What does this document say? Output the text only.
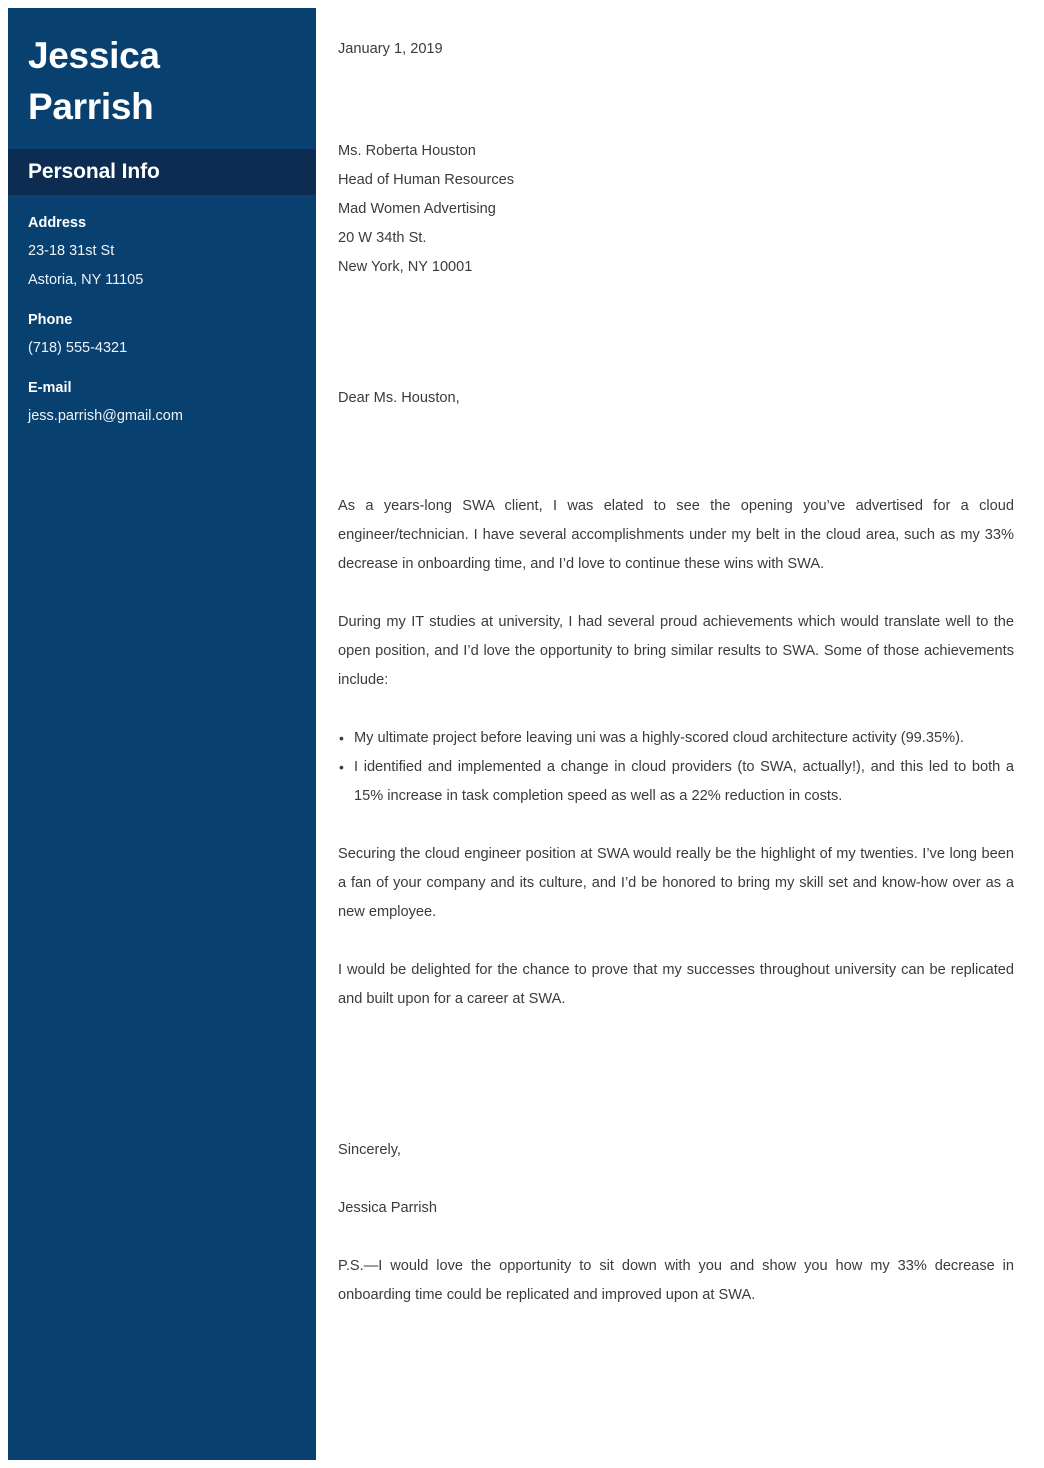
Jessica
Parrish
Personal Info
Address
23-18 31st St
Astoria, NY 11105
Phone
(718) 555-4321
E-mail
jess.parrish@gmail.com
January 1, 2019
Ms. Roberta Houston
Head of Human Resources
Mad Women Advertising
20 W 34th St.
New York, NY 10001
Dear Ms. Houston,

As a years-long SWA client, I was elated to see the opening you’ve advertised for a cloud engineer/technician. I have several accomplishments under my belt in the cloud area, such as my 33% decrease in onboarding time, and I’d love to continue these wins with SWA.

During my IT studies at university, I had several proud achievements which would translate well to the open position, and I’d love the opportunity to bring similar results to SWA. Some of those achievements include:

• My ultimate project before leaving uni was a highly-scored cloud architecture activity (99.35%).
• I identified and implemented a change in cloud providers (to SWA, actually!), and this led to both a 15% increase in task completion speed as well as a 22% reduction in costs.

Securing the cloud engineer position at SWA would really be the highlight of my twenties. I’ve long been a fan of your company and its culture, and I’d be honored to bring my skill set and know-how over as a new employee.

I would be delighted for the chance to prove that my successes throughout university can be replicated and built upon for a career at SWA.

Sincerely,
Jessica Parrish

P.S.—I would love the opportunity to sit down with you and show you how my 33% decrease in onboarding time could be replicated and improved upon at SWA.
